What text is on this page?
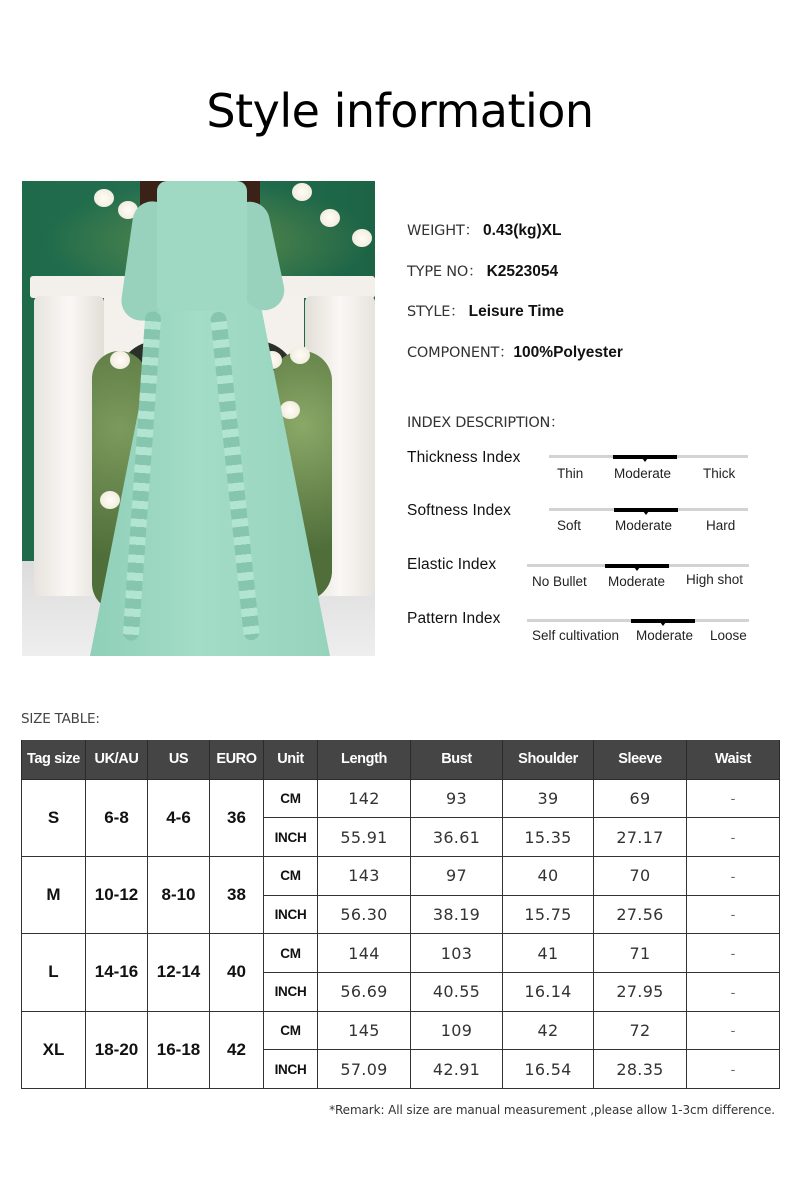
Style information
WEIGHT： 0.43(kg)XL
TYPE NO： K2523054
STYLE： Leisure Time
COMPONENT：100%Polyester
INDEX DESCRIPTION：
Thickness Index
Thin Moderate Thick
Softness Index
Soft	Moderate	Hard
Elastic Index
No Bullet Moderate High shot
Pattern Index
Self cultivation Moderate Loose
SIZE TABLE:
Tag size	UK/AU	US	EURO	Unit	Length	Bust	Shoulder	Sleeve	Waist
S	6-8	4-6	36	CM	142	93	39	69	-
				INCH	55.91	36.61	15.35	27.17	-
M	10-12	8-10	38	CM	143	97	40	70	-
				INCH	56.30	38.19	15.75	27.56	-
L	14-16	12-14	40	CM	144	103	41	71	-
				INCH	56.69	40.55	16.14	27.95	-
XL	18-20	16-18	42	CM	145	109	42	72	-
				INCH	57.09	42.91	16.54	28.35	-
*Remark: All size are manual measurement ,please allow 1-3cm difference.
